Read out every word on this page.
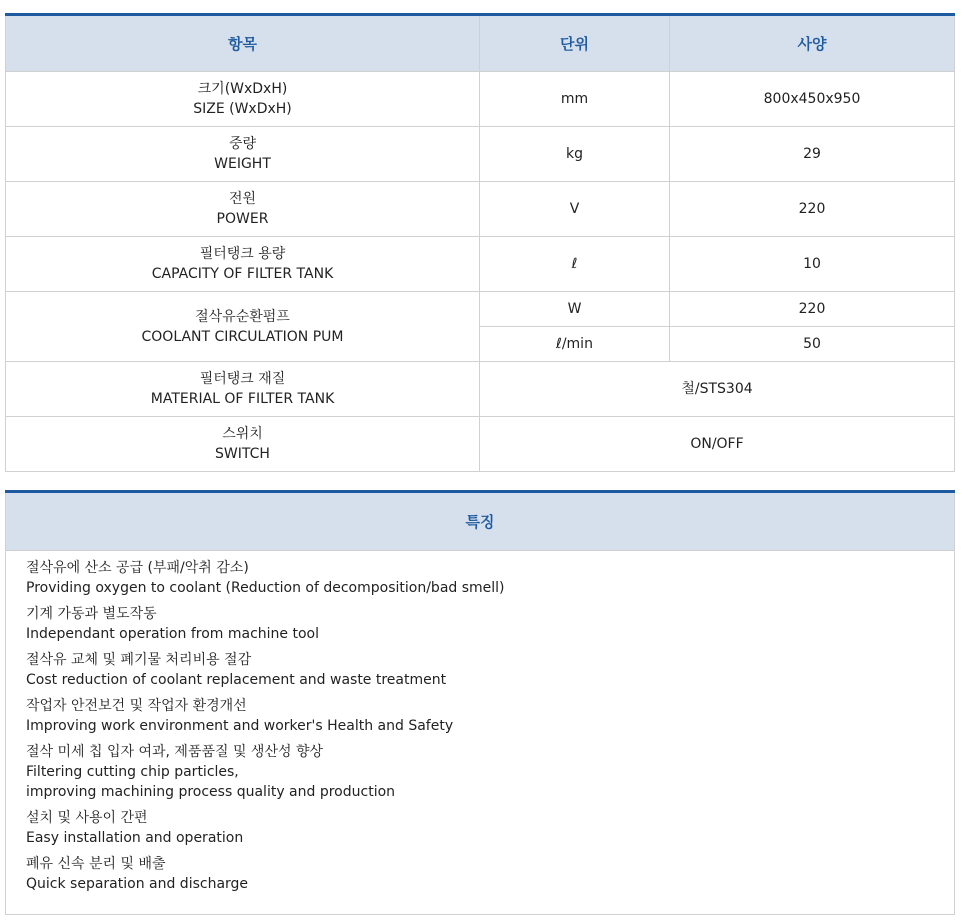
항목	단위	사양

크기(WxDxH)
SIZE (WxDxH)	mm	800x450x950

중량
WEIGHT	kg	29

전원
POWER	V	220

필터탱크 용량
CAPACITY OF FILTER TANK	ℓ	10

절삭유순환펌프
COOLANT CIRCULATION PUM	W	220
	ℓ/min	50

필터탱크 재질
MATERIAL OF FILTER TANK	철/STS304	

스위치
SWITCH	ON/OFF	
특징

절삭유에 산소 공급 (부패/악취 감소)
Providing oxygen to coolant (Reduction of decomposition/bad smell)
기계 가동과 별도작동
Independant operation from machine tool
절삭유 교체 및 폐기물 처리비용 절감
Cost reduction of coolant replacement and waste treatment
작업자 안전보건 및 작업자 환경개선
Improving work environment and worker's Health and Safety
절삭 미세 칩 입자 여과, 제품품질 및 생산성 향상
Filtering cutting chip particles,
improving machining process quality and production
설치 및 사용이 간편
Easy installation and operation
폐유 신속 분리 및 배출
Quick separation and discharge
